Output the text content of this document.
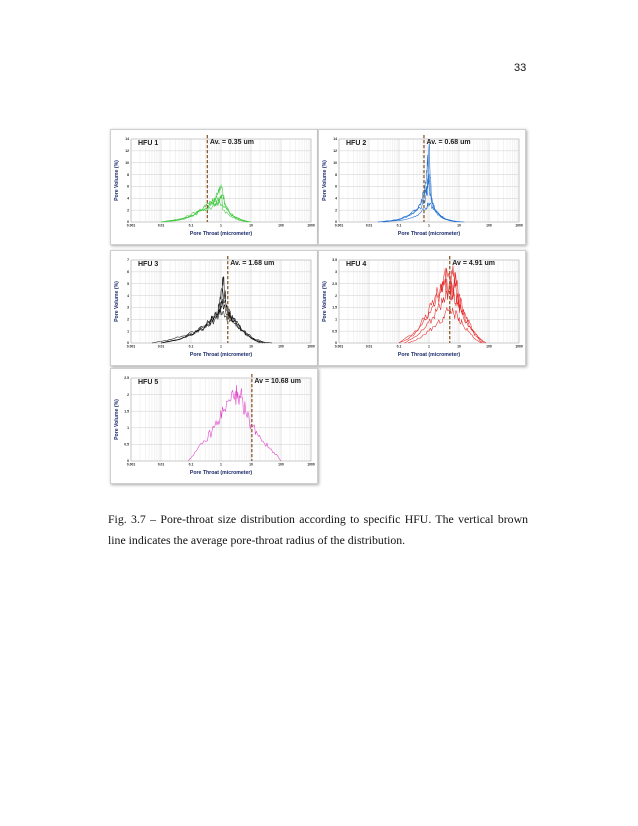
33
0.001	0.01	0.1	1	10	100	1000
0
2
4
6
8
10
12
14
Pore Throat (micrometer)
Pore Volume (%)
HFU 1	Av. = 0.35 um
0.001	0.01	0.1	1	10	100	1000
0
2
4
6
8
10
12
14
Pore Throat (micrometer)
Pore Volume (%)
HFU 2	Av. = 0.68 um
0.001	0.01	0.1	1	10	100	1000
0
1
2
3
4
5
6
7
Pore Throat (micrometer)
Pore Volume (%)
HFU 3	Av. = 1.68 um
0.001	0.01	0.1	1	10	100	1000
0
0.5
1
1.5
2
2.5
3
3.5
Pore Throat (micrometer)
Pore Volume (%)
HFU 4	Av = 4.91 um
0.001	0.01	0.1	1	10	100	1000
0
0.5
1
1.5
2
2.5
Pore Throat (micrometer)
Pore Volume (%)
HFU 5	Av = 10.68 um
Fig. 3.7 – Pore-throat size distribution according to specific HFU. The vertical brown
line indicates the average pore-throat radius of the distribution.
